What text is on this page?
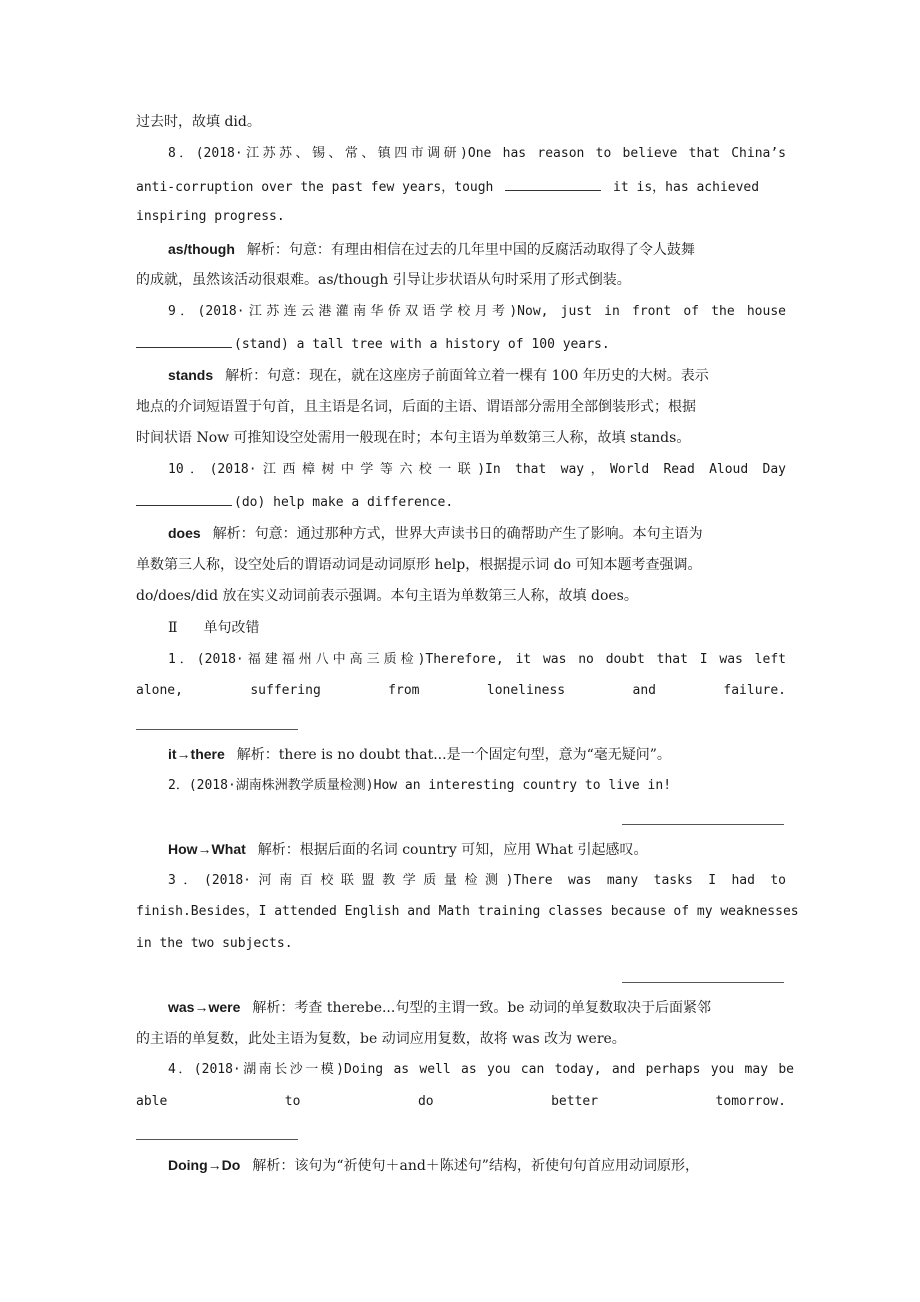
过去时，故填 did。
8．(2018·江苏苏、锡、常、镇四市调研)One has reason to believe that China’s
anti-corruption over the past few years，tough	it is，has achieved
inspiring progress.
as/though 解析：句意：有理由相信在过去的几年里中国的反腐活动取得了令人鼓舞
的成就，虽然该活动很艰难。as/though 引导让步状语从句时采用了形式倒装。
9．(2018·江苏连云港灌南华侨双语学校月考)Now, just in front of the house
(stand) a tall tree with a history of 100 years.
stands 解析：句意：现在，就在这座房子前面耸立着一棵有 100 年历史的大树。表示
地点的介词短语置于句首，且主语是名词，后面的主语、谓语部分需用全部倒装形式；根据
时间状语 Now 可推知设空处需用一般现在时；本句主语为单数第三人称，故填 stands。
10．(2018·江西樟树中学等六校一联)In that way，World Read Aloud Day
(do) help make a difference.
does 解析：句意：通过那种方式，世界大声读书日的确帮助产生了影响。本句主语为
单数第三人称，设空处后的谓语动词是动词原形 help，根据提示词 do 可知本题考查强调。
do/does/did 放在实义动词前表示强调。本句主语为单数第三人称，故填 does。
Ⅱ 单句改错
1．(2018·福建福州八中高三质检)Therefore, it was no doubt that I was left
alone, suffering from loneliness and failure.
it→there 解析：there is no doubt that...是一个固定句型，意为“毫无疑问”。
2．(2018·湖南株洲教学质量检测)How an interesting country to live in!
How→What 解析：根据后面的名词 country 可知，应用 What 引起感叹。
3．(2018·河南百校联盟教学质量检测)There was many tasks I had to
finish.Besides，I attended English and Math training classes because of my weaknesses
in the two subjects.
was→were 解析：考查 therebe...句型的主谓一致。be 动词的单复数取决于后面紧邻
的主语的单复数，此处主语为复数，be 动词应用复数，故将 was 改为 were。
4．(2018·湖南长沙一模)Doing as well as you can today, and perhaps you may be
able to do better tomorrow.
Doing→Do 解析：该句为“祈使句＋and＋陈述句”结构，祈使句句首应用动词原形，
